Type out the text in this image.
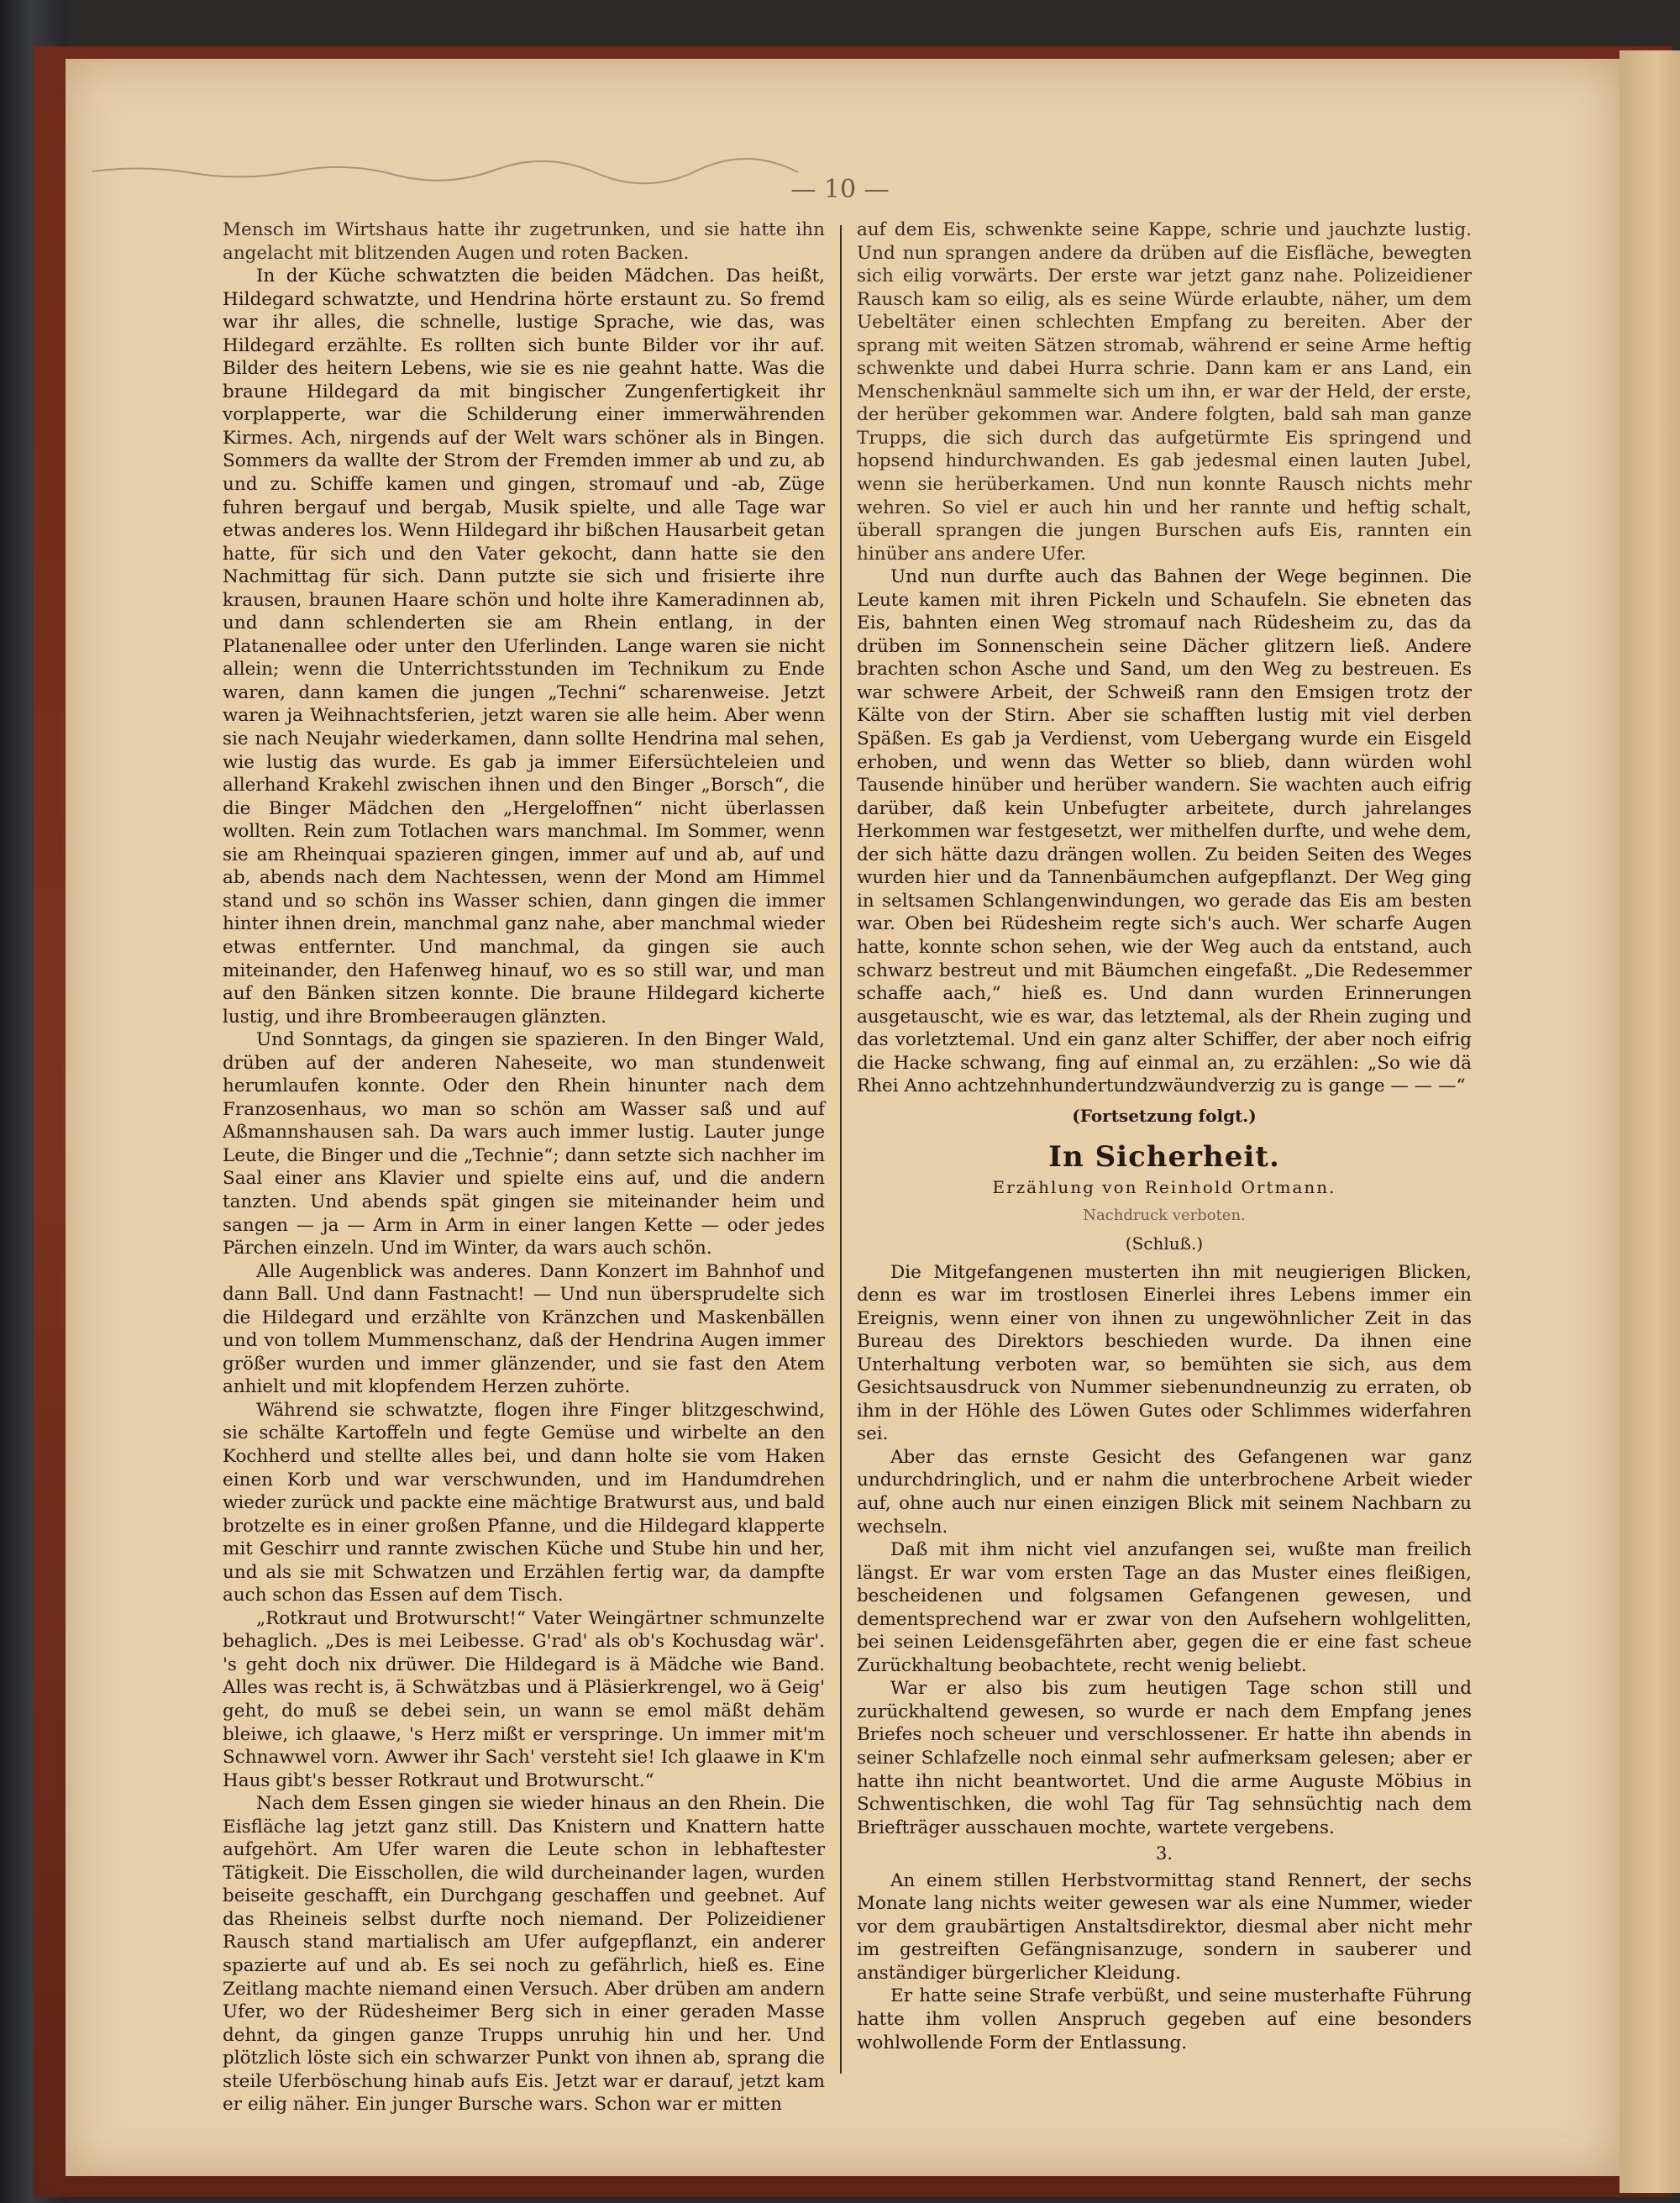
— 10 —

Mensch im Wirtshaus hatte ihr zugetrunken, und sie hatte ihn angelacht mit blitzenden Augen und roten Backen.

In der Küche schwatzten die beiden Mädchen. Das heißt, Hildegard schwatzte, und Hendrina hörte erstaunt zu. So fremd war ihr alles, die schnelle, lustige Sprache, wie das, was Hildegard erzählte. Es rollten sich bunte Bilder vor ihr auf. Bilder des heitern Lebens, wie sie es nie geahnt hatte. Was die braune Hildegard da mit bingischer Zungenfertigkeit ihr vorplapperte, war die Schilderung einer immerwährenden Kirmes. Ach, nirgends auf der Welt wars schöner als in Bingen. Sommers da wallte der Strom der Fremden immer ab und zu, ab und zu. Schiffe kamen und gingen, stromauf und -ab, Züge fuhren bergauf und bergab, Musik spielte, und alle Tage war etwas anderes los. Wenn Hildegard ihr bißchen Hausarbeit getan hatte, für sich und den Vater gekocht, dann hatte sie den Nachmittag für sich. Dann putzte sie sich und frisierte ihre krausen, braunen Haare schön und holte ihre Kameradinnen ab, und dann schlenderten sie am Rhein entlang, in der Platanenallee oder unter den Uferlinden. Lange waren sie nicht allein; wenn die Unterrichtsstunden im Technikum zu Ende waren, dann kamen die jungen „Techni“ scharenweise. Jetzt waren ja Weihnachtsferien, jetzt waren sie alle heim. Aber wenn sie nach Neujahr wiederkamen, dann sollte Hendrina mal sehen, wie lustig das wurde. Es gab ja immer Eifersüchteleien und allerhand Krakehl zwischen ihnen und den Binger „Borsch“, die die Binger Mädchen den „Hergeloffnen“ nicht überlassen wollten. Rein zum Totlachen wars manchmal. Im Sommer, wenn sie am Rheinquai spazieren gingen, immer auf und ab, auf und ab, abends nach dem Nachtessen, wenn der Mond am Himmel stand und so schön ins Wasser schien, dann gingen die immer hinter ihnen drein, manchmal ganz nahe, aber manchmal wieder etwas entfernter. Und manchmal, da gingen sie auch miteinander, den Hafenweg hinauf, wo es so still war, und man auf den Bänken sitzen konnte. Die braune Hildegard kicherte lustig, und ihre Brombeeraugen glänzten.

Und Sonntags, da gingen sie spazieren. In den Binger Wald, drüben auf der anderen Naheseite, wo man stundenweit herumlaufen konnte. Oder den Rhein hinunter nach dem Franzosenhaus, wo man so schön am Wasser saß und auf Aßmannshausen sah. Da wars auch immer lustig. Lauter junge Leute, die Binger und die „Technie“; dann setzte sich nachher im Saal einer ans Klavier und spielte eins auf, und die andern tanzten. Und abends spät gingen sie miteinander heim und sangen — ja — Arm in Arm in einer langen Kette — oder jedes Pärchen einzeln. Und im Winter, da wars auch schön.

Alle Augenblick was anderes. Dann Konzert im Bahnhof und dann Ball. Und dann Fastnacht! — Und nun übersprudelte sich die Hildegard und erzählte von Kränzchen und Maskenbällen und von tollem Mummenschanz, daß der Hendrina Augen immer größer wurden und immer glänzender, und sie fast den Atem anhielt und mit klopfendem Herzen zuhörte.

Während sie schwatzte, flogen ihre Finger blitzgeschwind, sie schälte Kartoffeln und fegte Gemüse und wirbelte an den Kochherd und stellte alles bei, und dann holte sie vom Haken einen Korb und war verschwunden, und im Handumdrehen wieder zurück und packte eine mächtige Bratwurst aus, und bald brotzelte es in einer großen Pfanne, und die Hildegard klapperte mit Geschirr und rannte zwischen Küche und Stube hin und her, und als sie mit Schwatzen und Erzählen fertig war, da dampfte auch schon das Essen auf dem Tisch.

„Rotkraut und Brotwurscht!“ Vater Weingärtner schmunzelte behaglich. „Des is mei Leibesse. G'rad' als ob's Kochusdag wär'. 's geht doch nix drüwer. Die Hildegard is ä Mädche wie Band. Alles was recht is, ä Schwätzbas und ä Pläsierkrengel, wo ä Geig' geht, do muß se debei sein, un wann se emol mäßt dehäm bleiwe, ich glaawe, 's Herz mißt er verspringe. Un immer mit'm Schnawwel vorn. Awwer ihr Sach' versteht sie! Ich glaawe in K'm Haus gibt's besser Rotkraut und Brotwurscht.“

Nach dem Essen gingen sie wieder hinaus an den Rhein. Die Eisfläche lag jetzt ganz still. Das Knistern und Knattern hatte aufgehört. Am Ufer waren die Leute schon in lebhaftester Tätigkeit. Die Eisschollen, die wild durcheinander lagen, wurden beiseite geschafft, ein Durchgang geschaffen und geebnet. Auf das Rheineis selbst durfte noch niemand. Der Polizeidiener Rausch stand martialisch am Ufer aufgepflanzt, ein anderer spazierte auf und ab. Es sei noch zu gefährlich, hieß es. Eine Zeitlang machte niemand einen Versuch. Aber drüben am andern Ufer, wo der Rüdesheimer Berg sich in einer geraden Masse dehnt, da gingen ganze Trupps unruhig hin und her. Und plötzlich löste sich ein schwarzer Punkt von ihnen ab, sprang die steile Uferböschung hinab aufs Eis. Jetzt war er darauf, jetzt kam er eilig näher. Ein junger Bursche wars. Schon war er mitten

auf dem Eis, schwenkte seine Kappe, schrie und jauchzte lustig. Und nun sprangen andere da drüben auf die Eisfläche, bewegten sich eilig vorwärts. Der erste war jetzt ganz nahe. Polizeidiener Rausch kam so eilig, als es seine Würde erlaubte, näher, um dem Uebeltäter einen schlechten Empfang zu bereiten. Aber der sprang mit weiten Sätzen stromab, während er seine Arme heftig schwenkte und dabei Hurra schrie. Dann kam er ans Land, ein Menschenknäul sammelte sich um ihn, er war der Held, der erste, der herüber gekommen war. Andere folgten, bald sah man ganze Trupps, die sich durch das aufgetürmte Eis springend und hopsend hindurchwanden. Es gab jedesmal einen lauten Jubel, wenn sie herüberkamen. Und nun konnte Rausch nichts mehr wehren. So viel er auch hin und her rannte und heftig schalt, überall sprangen die jungen Burschen aufs Eis, rannten ein hinüber ans andere Ufer.

Und nun durfte auch das Bahnen der Wege beginnen. Die Leute kamen mit ihren Pickeln und Schaufeln. Sie ebneten das Eis, bahnten einen Weg stromauf nach Rüdesheim zu, das da drüben im Sonnenschein seine Dächer glitzern ließ. Andere brachten schon Asche und Sand, um den Weg zu bestreuen. Es war schwere Arbeit, der Schweiß rann den Emsigen trotz der Kälte von der Stirn. Aber sie schafften lustig mit viel derben Späßen. Es gab ja Verdienst, vom Uebergang wurde ein Eisgeld erhoben, und wenn das Wetter so blieb, dann würden wohl Tausende hinüber und herüber wandern. Sie wachten auch eifrig darüber, daß kein Unbefugter arbeitete, durch jahrelanges Herkommen war festgesetzt, wer mithelfen durfte, und wehe dem, der sich hätte dazu drängen wollen. Zu beiden Seiten des Weges wurden hier und da Tannenbäumchen aufgepflanzt. Der Weg ging in seltsamen Schlangenwindungen, wo gerade das Eis am besten war. Oben bei Rüdesheim regte sich's auch. Wer scharfe Augen hatte, konnte schon sehen, wie der Weg auch da entstand, auch schwarz bestreut und mit Bäumchen eingefaßt. „Die Redesemmer schaffe aach,“ hieß es. Und dann wurden Erinnerungen ausgetauscht, wie es war, das letztemal, als der Rhein zuging und das vorletztemal. Und ein ganz alter Schiffer, der aber noch eifrig die Hacke schwang, fing auf einmal an, zu erzählen: „So wie dä Rhei Anno achtzehnhundertundzwäundverzig zu is gange — — —“

(Fortsetzung folgt.)
In Sicherheit.
Erzählung von Reinhold Ortmann.
Nachdruck verboten.
(Schluß.)

Die Mitgefangenen musterten ihn mit neugierigen Blicken, denn es war im trostlosen Einerlei ihres Lebens immer ein Ereignis, wenn einer von ihnen zu ungewöhnlicher Zeit in das Bureau des Direktors beschieden wurde. Da ihnen eine Unterhaltung verboten war, so bemühten sie sich, aus dem Gesichtsausdruck von Nummer siebenundneunzig zu erraten, ob ihm in der Höhle des Löwen Gutes oder Schlimmes widerfahren sei.

Aber das ernste Gesicht des Gefangenen war ganz undurchdringlich, und er nahm die unterbrochene Arbeit wieder auf, ohne auch nur einen einzigen Blick mit seinem Nachbarn zu wechseln.

Daß mit ihm nicht viel anzufangen sei, wußte man freilich längst. Er war vom ersten Tage an das Muster eines fleißigen, bescheidenen und folgsamen Gefangenen gewesen, und dementsprechend war er zwar von den Aufsehern wohlgelitten, bei seinen Leidensgefährten aber, gegen die er eine fast scheue Zurückhaltung beobachtete, recht wenig beliebt.

War er also bis zum heutigen Tage schon still und zurückhaltend gewesen, so wurde er nach dem Empfang jenes Briefes noch scheuer und verschlossener. Er hatte ihn abends in seiner Schlafzelle noch einmal sehr aufmerksam gelesen; aber er hatte ihn nicht beantwortet. Und die arme Auguste Möbius in Schwentischken, die wohl Tag für Tag sehnsüchtig nach dem Briefträger ausschauen mochte, wartete vergebens.

3.

An einem stillen Herbstvormittag stand Rennert, der sechs Monate lang nichts weiter gewesen war als eine Nummer, wieder vor dem graubärtigen Anstaltsdirektor, diesmal aber nicht mehr im gestreiften Gefängnisanzuge, sondern in sauberer und anständiger bürgerlicher Kleidung.

Er hatte seine Strafe verbüßt, und seine musterhafte Führung hatte ihm vollen Anspruch gegeben auf eine besonders wohlwollende Form der Entlassung.
